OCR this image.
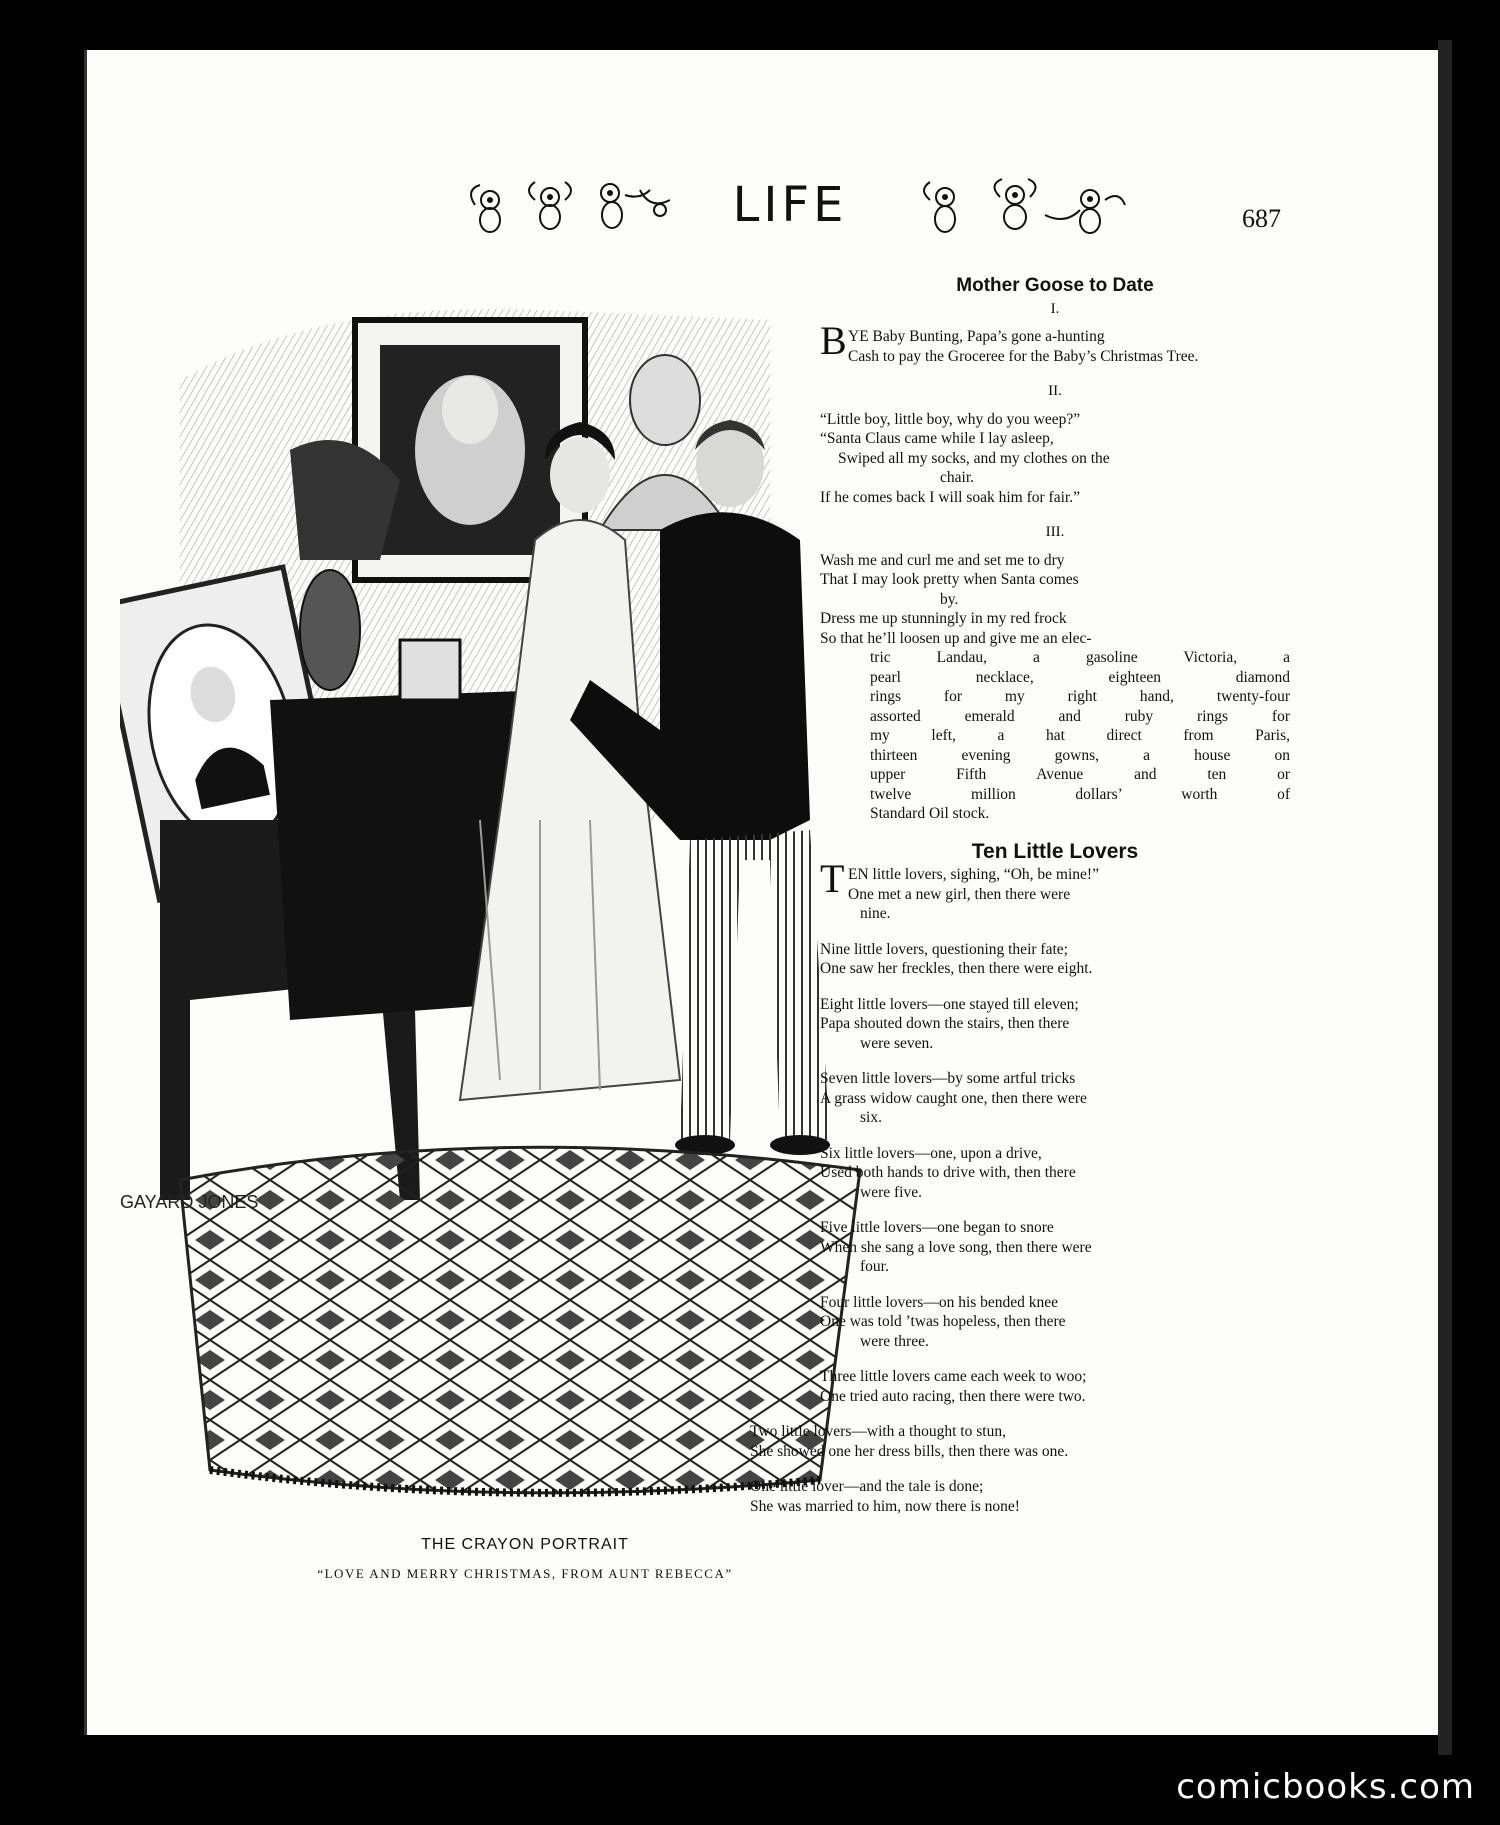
LIFE	687
GAYARD JONES
THE CRAYON PORTRAIT
“LOVE AND MERRY CHRISTMAS, FROM AUNT REBECCA”
Mother Goose to Date
I.
B YE Baby Bunting, Papa’s gone a-hunting
Cash to pay the Groceree for the Baby’s Christmas Tree.
II.
“Little boy, little boy, why do you weep?”
“Santa Claus came while I lay asleep,
Swiped all my socks, and my clothes on the
chair.
If he comes back I will soak him for fair.”
III.
Wash me and curl me and set me to dry
That I may look pretty when Santa comes
by.
Dress me up stunningly in my red frock
So that he’ll loosen up and give me an elec-
tric Landau, a gasoline Victoria, a
pearl necklace, eighteen diamond
rings for my right hand, twenty-four
assorted emerald and ruby rings for
my left, a hat direct from Paris,
thirteen evening gowns, a house on
upper Fifth Avenue and ten or
twelve million dollars’ worth of
Standard Oil stock.
Ten Little Lovers
T EN little lovers, sighing, “Oh, be mine!”
One met a new girl, then there were
nine.
Nine little lovers, questioning their fate;
One saw her freckles, then there were eight.
Eight little lovers—one stayed till eleven;
Papa shouted down the stairs, then there
were seven.
Seven little lovers—by some artful tricks
A grass widow caught one, then there were
six.
Six little lovers—one, upon a drive,
Used both hands to drive with, then there
were five.
Five little lovers—one began to snore
When she sang a love song, then there were
four.
Four little lovers—on his bended knee
One was told ’twas hopeless, then there
were three.
Three little lovers came each week to woo;
One tried auto racing, then there were two.
Two little lovers—with a thought to stun,
She showed one her dress bills, then there was one.
One little lover—and the tale is done;
She was married to him, now there is none!
comicbooks.com
